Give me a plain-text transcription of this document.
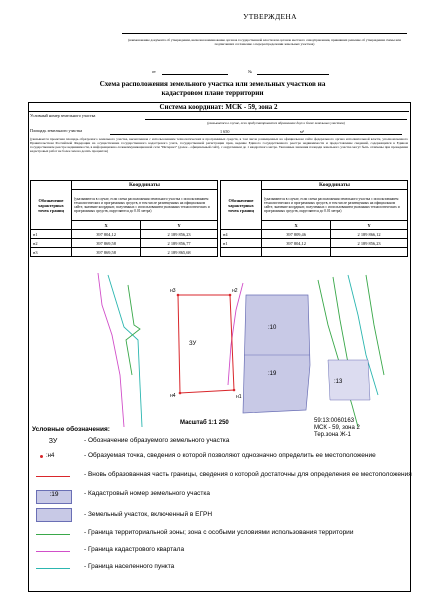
УТВЕРЖДЕНА
(наименование документа об утверждении, включая наименование органов государственной власти или органов местного самоуправления, принявших решение об утверждении схемы или подписавших соглашение о перераспределении земельных участков)
от	№
Схема расположения земельного участка или земельных участков на кадастровом плане территории
Система координат: МСК - 59, зона 2
Условный номер земельного участка
(указывается в случае, если предусматривается образование двух и более земельных участков)
Площадь земельного участка	1 650	м²
(указывается проектная площадь образуемого земельного участка, вычисленная с использованием технологических и программных средств, в том числе размещенных на официальном сайте федерального органа исполнительной власти, уполномоченного Правительством Российской Федерации на осуществление государственного кадастрового учета, государственной регистрации прав, ведение Единого государственного реестра недвижимости и предоставление сведений, содержащихся в Едином государственном реестре недвижимости, в информационно-телекоммуникационной сети "Интернет" (далее - официальный сайт), с округлением до 1 квадратного метра. Указанные значения площади земельного участка могут быть отличены при проведении кадастровых работ не более чем на десять процентов)
Обозначение характерных точек границ	Координаты	
	(указываются в случае, если схема расположения земельного участка с использованием технологических и программных средств, в том числе размещенных на официальном сайте, значение координат, полученных с использованием указанных технологических и программных средств, округляются до 0.01 метра)	
	X	Y
н1	397 804,12	2 189 856,23
н2	397 869,58	2 189 856,77
н3	397 869,58	2 189 865,68
Обозначение характерных точек границ	Координаты	
	(указываются в случае, если схема расположения земельного участка с использованием технологических и программных средств, в том числе размещенных на официальном сайте, значение координат, полученных с использованием указанных технологических и программных средств, округляются до 0.01 метра)	
	X	Y
н4	397 809,46	2 189 866,12
н1	397 804,12	2 189 856,23

ЗУ
н3	н2
н4	н1
:10
:19
:13
59:13:0060163
МСК - 59, зона 2
Тер.зона Ж-1
Масштаб 1:1 250
Условные обозначения:
ЗУ	- Обозначение образуемого земельного участка
:н4	- Образуемая точка, сведения о которой позволяют однозначно определить ее местоположение
- Вновь образованная часть границы, сведения о которой достаточны для определения ее местоположения
:19	- Кадастровый номер земельного участка
- Земельный участок, включенный в ЕГРН
- Граница территориальной зоны; зона с особыми условиями использования территории
- Граница кадастрового квартала
- Граница населенного пункта
